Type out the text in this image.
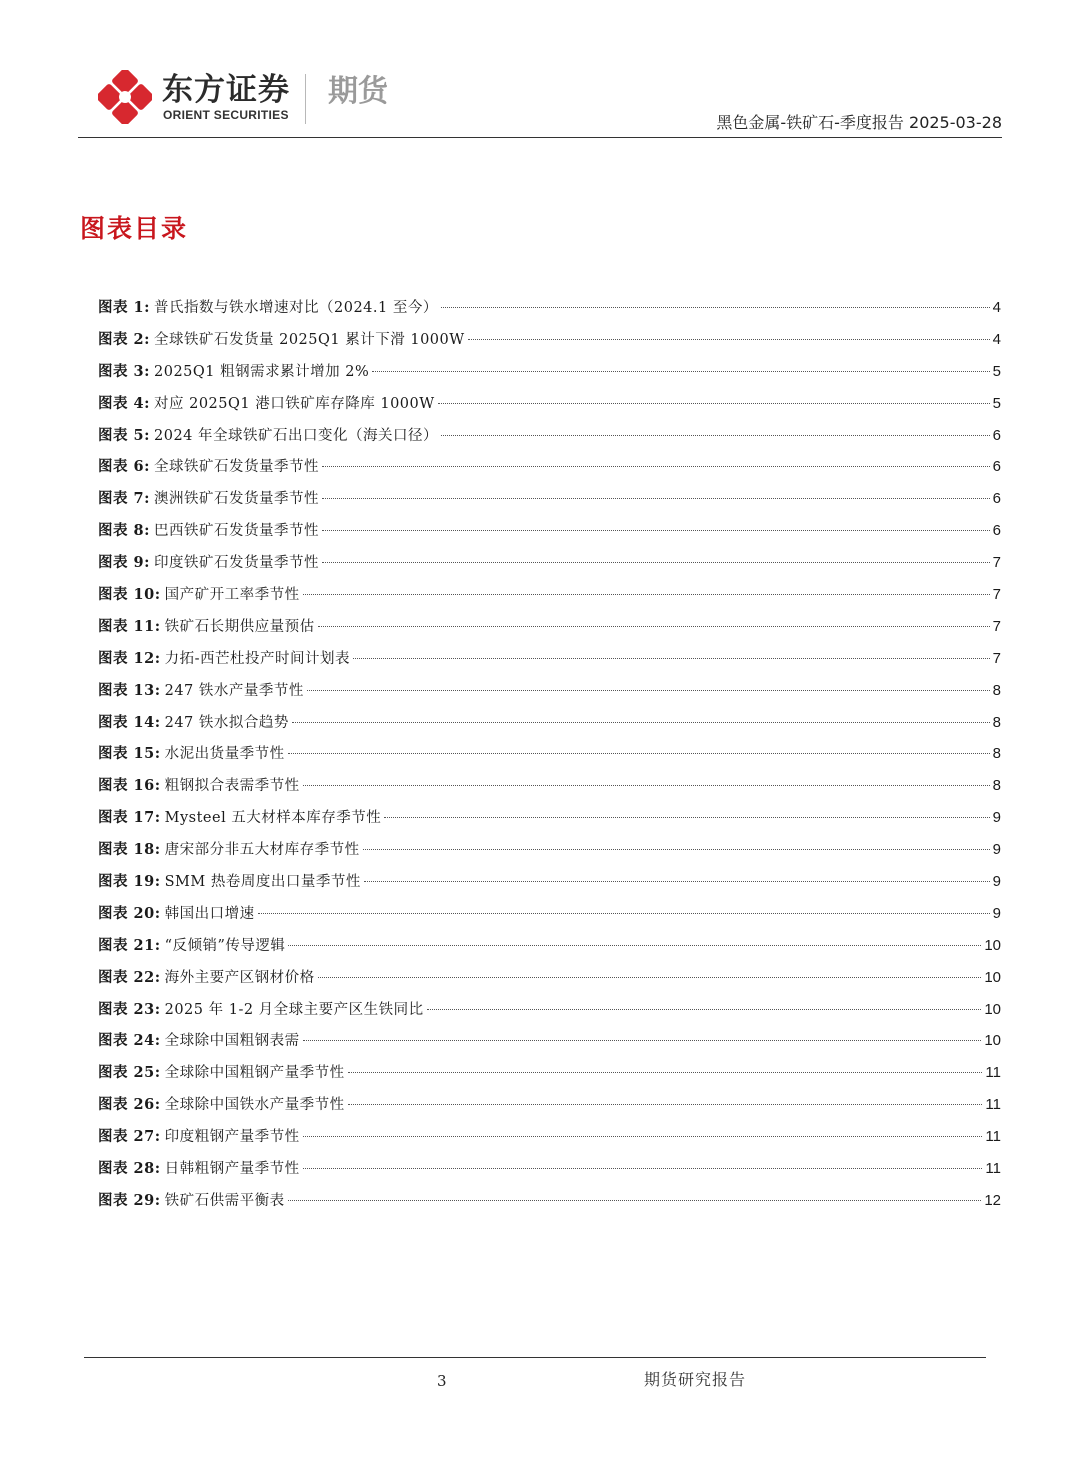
东方证券
ORIENT SECURITIES
期货
黑色金属-铁矿石-季度报告 2025-03-28
图表目录
图表 1: 普氏指数与铁水增速对比（2024.1 至今）	4
图表 2: 全球铁矿石发货量 2025Q1 累计下滑 1000W	4
图表 3: 2025Q1 粗钢需求累计增加 2%	5
图表 4: 对应 2025Q1 港口铁矿库存降库 1000W	5
图表 5: 2024 年全球铁矿石出口变化（海关口径）	6
图表 6: 全球铁矿石发货量季节性	6
图表 7: 澳洲铁矿石发货量季节性	6
图表 8: 巴西铁矿石发货量季节性	6
图表 9: 印度铁矿石发货量季节性	7
图表 10: 国产矿开工率季节性	7
图表 11: 铁矿石长期供应量预估	7
图表 12: 力拓-西芒杜投产时间计划表	7
图表 13: 247 铁水产量季节性	8
图表 14: 247 铁水拟合趋势	8
图表 15: 水泥出货量季节性	8
图表 16: 粗钢拟合表需季节性	8
图表 17: Mysteel 五大材样本库存季节性	9
图表 18: 唐宋部分非五大材库存季节性	9
图表 19: SMM 热卷周度出口量季节性	9
图表 20: 韩国出口增速	9
图表 21: “反倾销”传导逻辑	10
图表 22: 海外主要产区钢材价格	10
图表 23: 2025 年 1-2 月全球主要产区生铁同比	10
图表 24: 全球除中国粗钢表需	10
图表 25: 全球除中国粗钢产量季节性	11
图表 26: 全球除中国铁水产量季节性	11
图表 27: 印度粗钢产量季节性	11
图表 28: 日韩粗钢产量季节性	11
图表 29: 铁矿石供需平衡表	12
3	期货研究报告
